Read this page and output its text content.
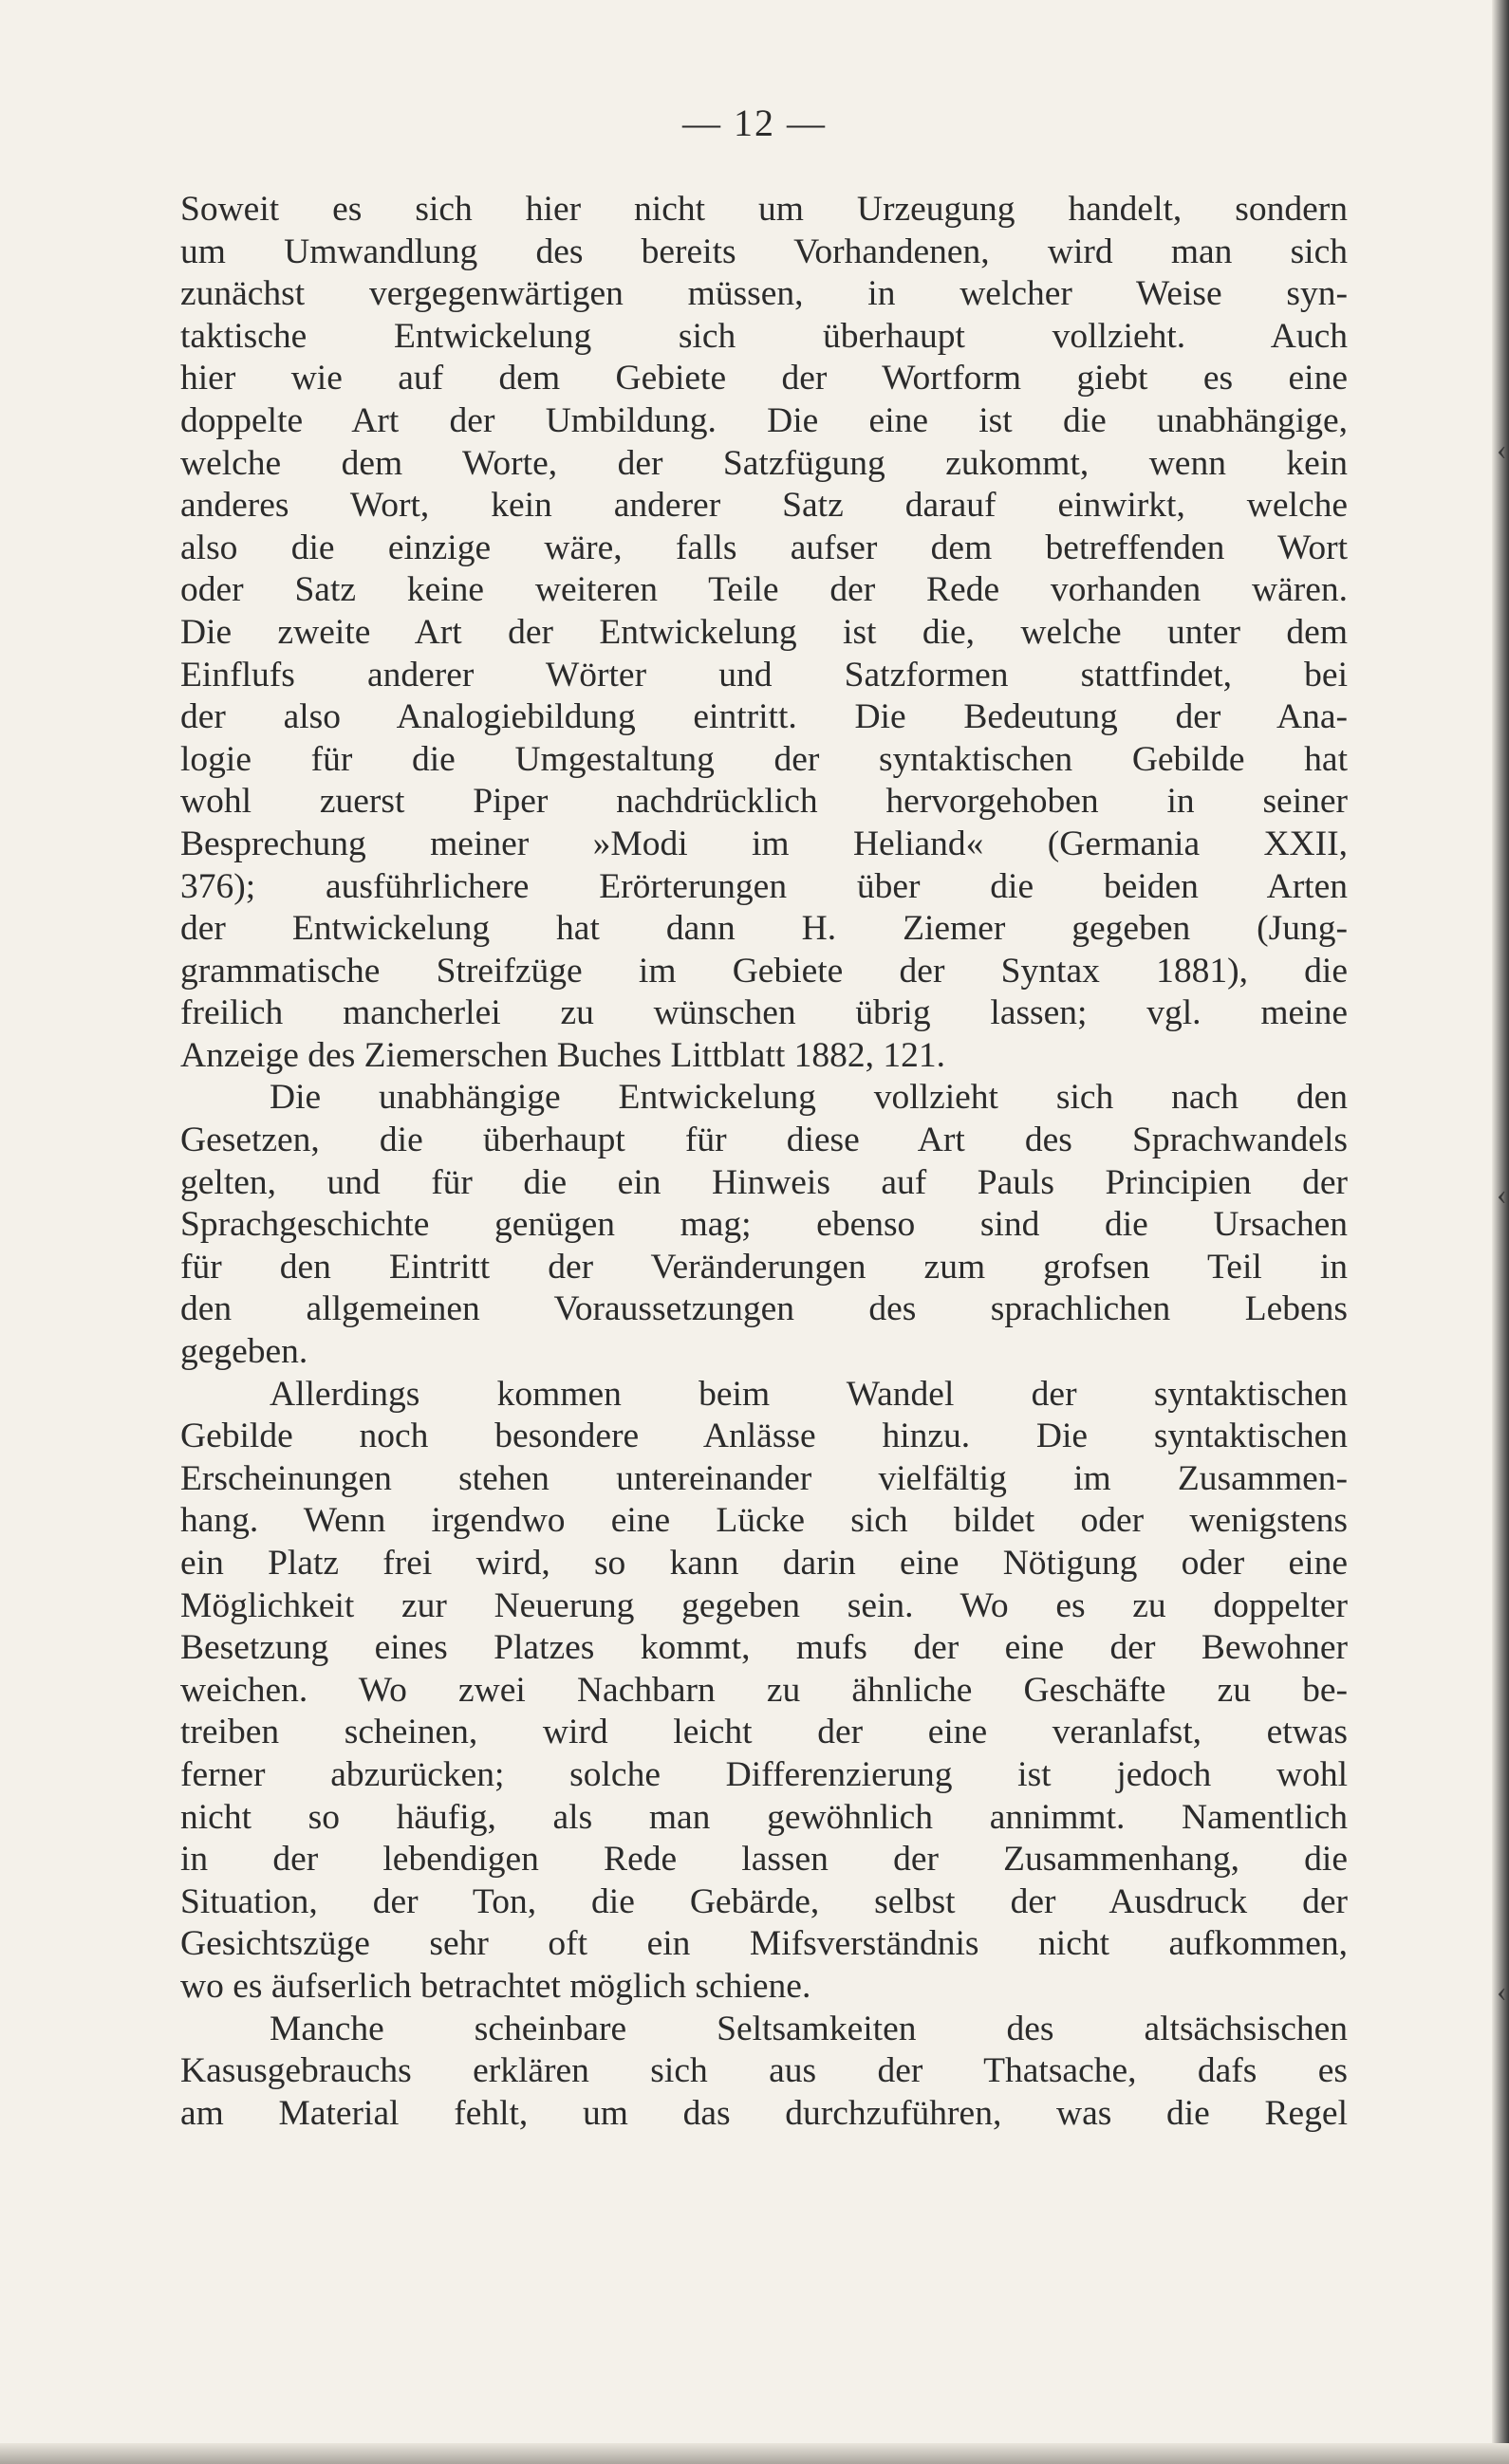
— 12 —
Soweit es sich hier nicht um Urzeugung handelt, sondern
um Umwandlung des bereits Vorhandenen, wird man sich
zunächst vergegenwärtigen müssen, in welcher Weise syn-
taktische Entwickelung sich überhaupt vollzieht. Auch
hier wie auf dem Gebiete der Wortform giebt es eine
doppelte Art der Umbildung. Die eine ist die unabhängige,
welche dem Worte, der Satzfügung zukommt, wenn kein
anderes Wort, kein anderer Satz darauf einwirkt, welche
also die einzige wäre, falls aufser dem betreffenden Wort
oder Satz keine weiteren Teile der Rede vorhanden wären.
Die zweite Art der Entwickelung ist die, welche unter dem
Einflufs anderer Wörter und Satzformen stattfindet, bei
der also Analogiebildung eintritt. Die Bedeutung der Ana-
logie für die Umgestaltung der syntaktischen Gebilde hat
wohl zuerst Piper nachdrücklich hervorgehoben in seiner
Besprechung meiner »Modi im Heliand« (Germania XXII,
376); ausführlichere Erörterungen über die beiden Arten
der Entwickelung hat dann H. Ziemer gegeben (Jung-
grammatische Streifzüge im Gebiete der Syntax 1881), die
freilich mancherlei zu wünschen übrig lassen; vgl. meine
Anzeige des Ziemerschen Buches Littblatt 1882, 121.
Die unabhängige Entwickelung vollzieht sich nach den
Gesetzen, die überhaupt für diese Art des Sprachwandels
gelten, und für die ein Hinweis auf Pauls Principien der
Sprachgeschichte genügen mag; ebenso sind die Ursachen
für den Eintritt der Veränderungen zum grofsen Teil in
den allgemeinen Voraussetzungen des sprachlichen Lebens
gegeben.
Allerdings kommen beim Wandel der syntaktischen
Gebilde noch besondere Anlässe hinzu. Die syntaktischen
Erscheinungen stehen untereinander vielfältig im Zusammen-
hang. Wenn irgendwo eine Lücke sich bildet oder wenigstens
ein Platz frei wird, so kann darin eine Nötigung oder eine
Möglichkeit zur Neuerung gegeben sein. Wo es zu doppelter
Besetzung eines Platzes kommt, mufs der eine der Bewohner
weichen. Wo zwei Nachbarn zu ähnliche Geschäfte zu be-
treiben scheinen, wird leicht der eine veranlafst, etwas
ferner abzurücken; solche Differenzierung ist jedoch wohl
nicht so häufig, als man gewöhnlich annimmt. Namentlich
in der lebendigen Rede lassen der Zusammenhang, die
Situation, der Ton, die Gebärde, selbst der Ausdruck der
Gesichtszüge sehr oft ein Mifsverständnis nicht aufkommen,
wo es äufserlich betrachtet möglich schiene.
Manche scheinbare Seltsamkeiten des altsächsischen
Kasusgebrauchs erklären sich aus der Thatsache, dafs es
am Material fehlt, um das durchzuführen, was die Regel
‹
‹
‹
